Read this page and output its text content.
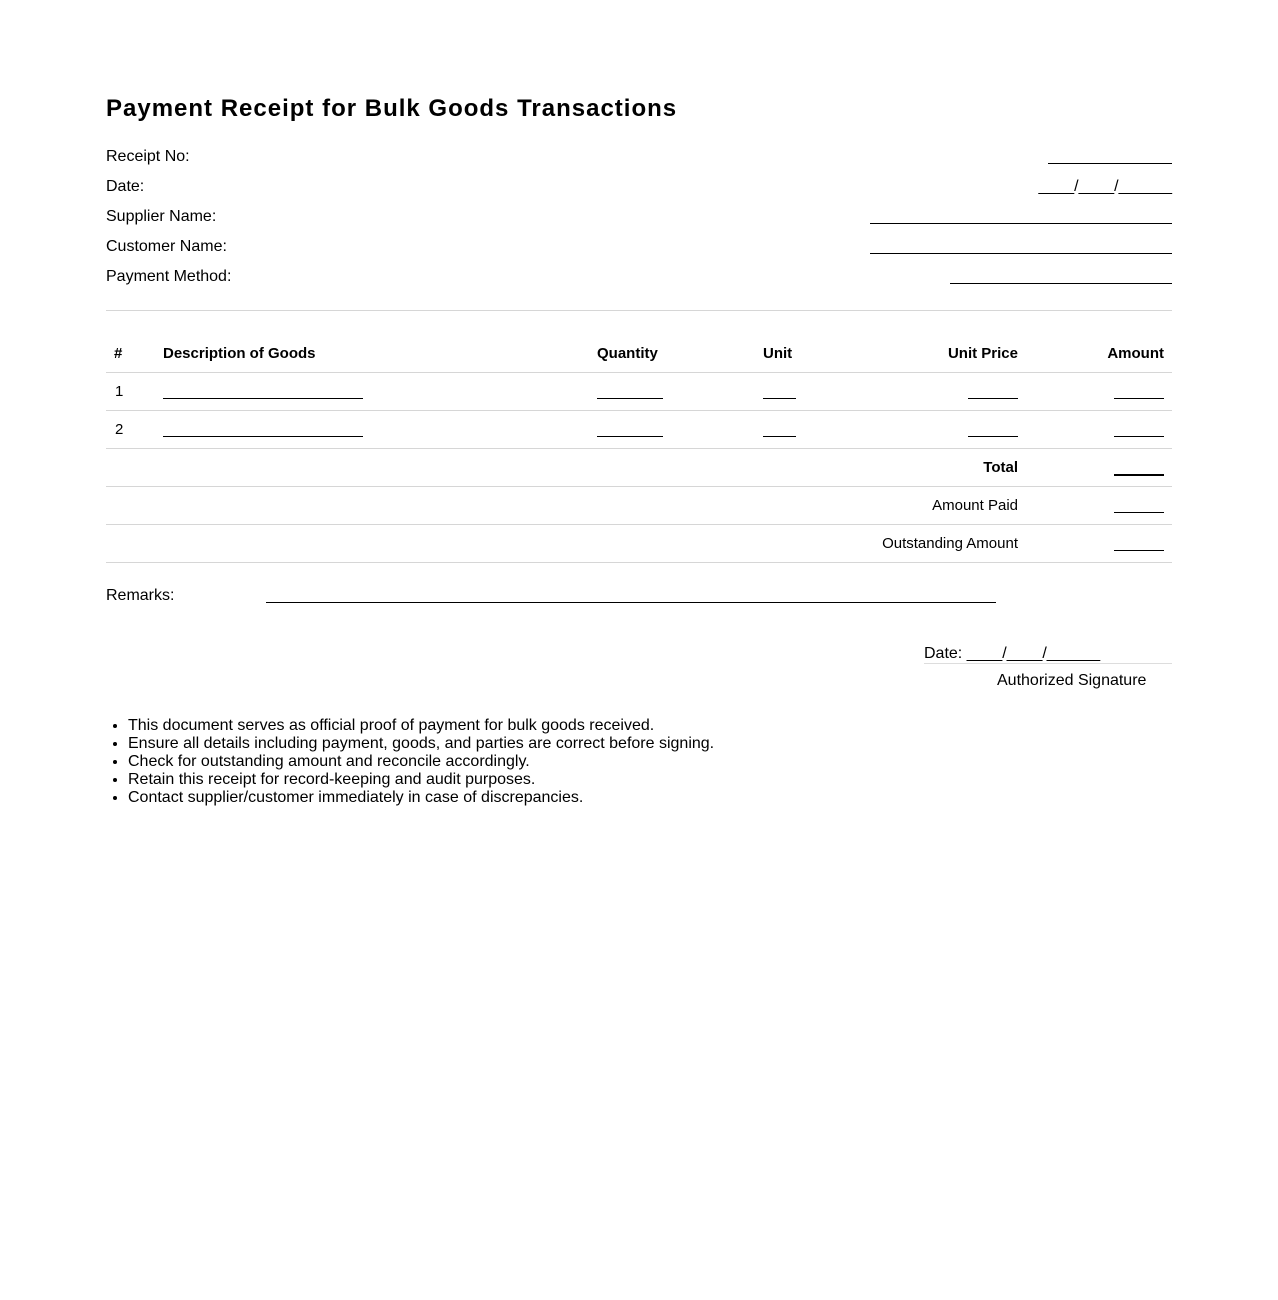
Payment Receipt for Bulk Goods Transactions
Receipt No:
Date:	____/____/______
Supplier Name:
Customer Name:
Payment Method:
#	Description of Goods	Quantity	Unit	Unit Price	Amount
1
2
Total
Amount Paid
Outstanding Amount
Remarks:
Date: ____/____/______
Authorized Signature
• This document serves as official proof of payment for bulk goods received.
• Ensure all details including payment, goods, and parties are correct before signing.
• Check for outstanding amount and reconcile accordingly.
• Retain this receipt for record-keeping and audit purposes.
• Contact supplier/customer immediately in case of discrepancies.
